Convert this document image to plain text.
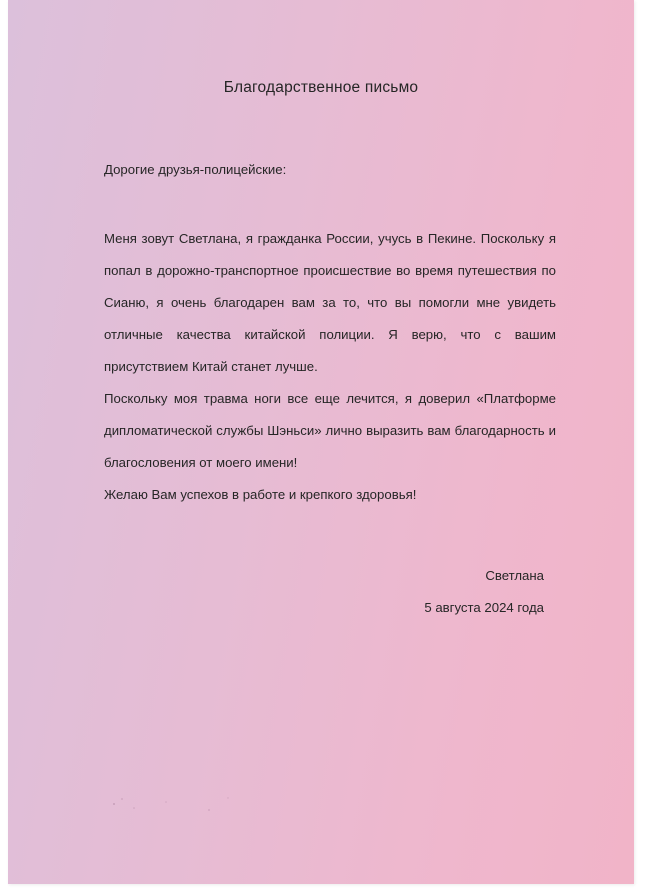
Благодарственное письмо
Дорогие друзья-полицейские:

Меня зовут Светлана, я гражданка России, учусь в Пекине. Поскольку я попал в дорожно-транспортное происшествие во время путешествия по Сианю, я очень благодарен вам за то, что вы помогли мне увидеть отличные качества китайской полиции. Я верю, что с вашим присутствием Китай станет лучше.

Поскольку моя травма ноги все еще лечится, я доверил «Платформе дипломатической службы Шэньси» лично выразить вам благодарность и благословения от моего имени!

Желаю Вам успехов в работе и крепкого здоровья!

Светлана
5 августа 2024 года
